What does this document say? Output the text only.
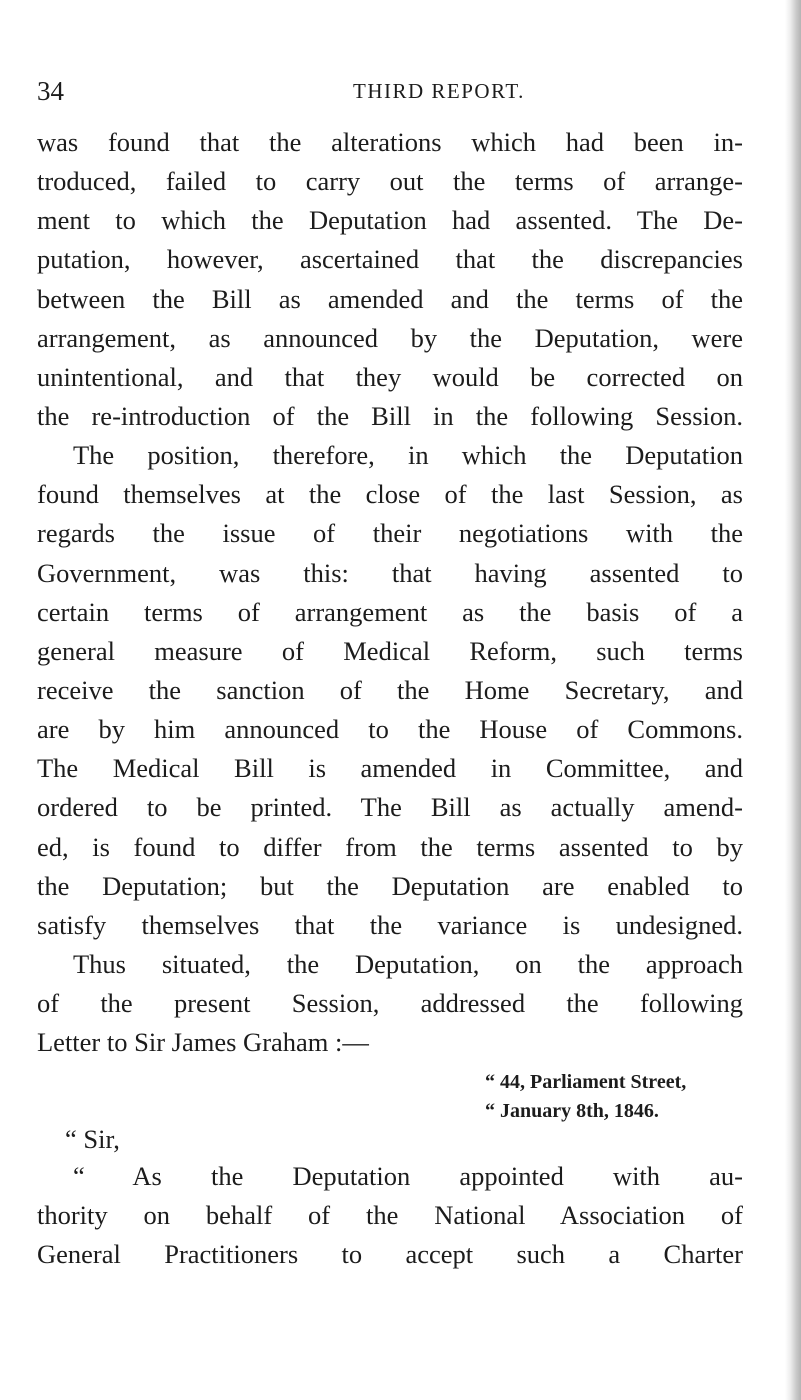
34	THIRD REPORT.
was found that the alterations which had been in-
troduced, failed to carry out the terms of arrange-
ment to which the Deputation had assented. The De-
putation, however, ascertained that the discrepancies
between the Bill as amended and the terms of the
arrangement, as announced by the Deputation, were
unintentional, and that they would be corrected on
the re-introduction of the Bill in the following Session.
The position, therefore, in which the Deputation
found themselves at the close of the last Session, as
regards the issue of their negotiations with the
Government, was this: that having assented to
certain terms of arrangement as the basis of a
general measure of Medical Reform, such terms
receive the sanction of the Home Secretary, and
are by him announced to the House of Commons.
The Medical Bill is amended in Committee, and
ordered to be printed. The Bill as actually amend-
ed, is found to differ from the terms assented to by
the Deputation; but the Deputation are enabled to
satisfy themselves that the variance is undesigned.
Thus situated, the Deputation, on the approach
of the present Session, addressed the following
Letter to Sir James Graham :—
“ 44, Parliament Street,
“ January 8th, 1846.
“ Sir,
“ As the Deputation appointed with au-
thority on behalf of the National Association of
General Practitioners to accept such a Charter
